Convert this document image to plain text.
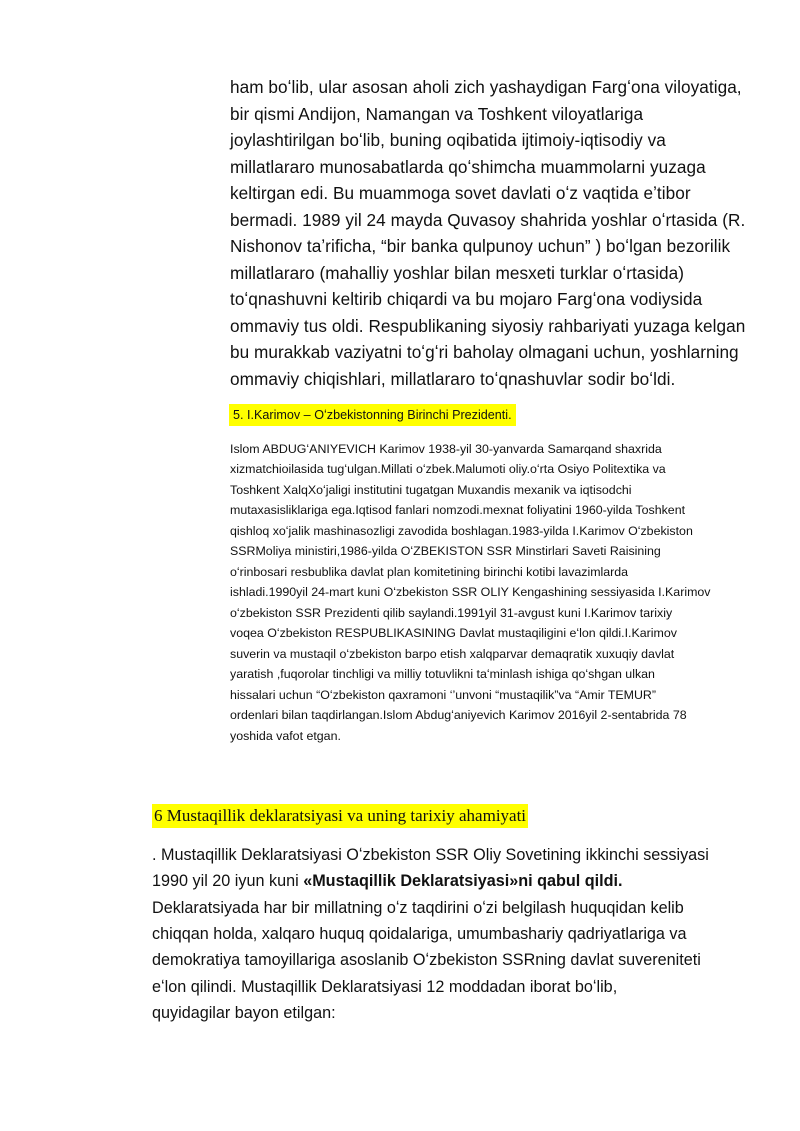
ham boʻlib, ular asosan aholi zich yashaydigan Fargʻona viloyatiga,

bir qismi Andijon, Namangan va Toshkent viloyatlariga

joylashtirilgan boʻlib, buning oqibatida ijtimoiy-iqtisodiy va

millatlararo munosabatlarda qoʻshimcha muammolarni yuzaga

keltirgan edi. Bu muammoga sovet davlati oʻz vaqtida eʼtibor

bermadi. 1989 yil 24 mayda Quvasoy shahrida yoshlar oʻrtasida (R.

Nishonov taʼrificha, “bir banka qulpunoy uchun” ) boʻlgan bezorilik

millatlararo (mahalliy yoshlar bilan mesxeti turklar oʻrtasida)

toʻqnashuvni keltirib chiqardi va bu mojaro Fargʻona vodiysida

ommaviy tus oldi. Respublikaning siyosiy rahbariyati yuzaga kelgan

bu murakkab vaziyatni toʻgʻri baholay olmagani uchun, yoshlarning

ommaviy chiqishlari, millatlararo toʻqnashuvlar sodir boʻldi.

5. I.Karimov – Oʻzbekistonning Birinchi Prezidenti.

Islom ABDUGʻANIYEVICH Karimov 1938-yil 30-yanvarda Samarqand shaxrida

xizmatchioilasida tugʻulgan.Millati oʻzbek.Malumoti oliy.oʻrta Osiyo Politextika va

Toshkent XalqXoʻjaligi institutini tugatgan Muxandis mexanik va iqtisodchi

mutaxasisliklariga ega.Iqtisod fanlari nomzodi.mexnat foliyatini 1960-yilda Toshkent

qishloq xoʻjalik mashinasozligi zavodida boshlagan.1983-yilda I.Karimov Oʻzbekiston

SSRMoliya ministiri,1986-yilda OʻZBEKISTON SSR Minstirlari Saveti Raisining

oʻrinbosari resbublika davlat plan komitetining birinchi kotibi lavazimlarda

ishladi.1990yil 24-mart kuni Oʻzbekiston SSR OLIY Kengashining sessiyasida I.Karimov

oʻzbekiston SSR Prezidenti qilib saylandi.1991yil 31-avgust kuni I.Karimov tarixiy

voqea Oʻzbekiston RESPUBLIKASINING Davlat mustaqiligini eʻlon qildi.I.Karimov

suverin va mustaqil oʻzbekiston barpo etish xalqparvar demaqratik xuxuqiy davlat

yaratish ,fuqorolar tinchligi va milliy totuvlikni taʻminlash ishiga qoʻshgan ulkan

hissalari uchun “Oʻzbekiston qaxramoni ‘’unvoni “mustaqilik”va “Amir TEMUR”

ordenlari bilan taqdirlangan.Islom Abdugʻaniyevich Karimov 2016yil 2-sentabrida 78

yoshida vafot etgan.

6 Mustaqillik deklaratsiyasi va uning tarixiy ahamiyati

. Mustaqillik Deklaratsiyasi Oʻzbekiston SSR Oliy Sovetining ikkinchi sessiyasi

1990 yil 20 iyun kuni «Mustaqillik Deklaratsiyasi»ni qabul qildi.

Deklaratsiyada har bir millatning oʻz taqdirini oʻzi belgilash huquqidan kelib

chiqqan holda, xalqaro huquq qoidalariga, umumbashariy qadriyatlariga va

demokratiya tamoyillariga asoslanib Oʻzbekiston SSRning davlat suvereniteti

eʻlon qilindi. Mustaqillik Deklaratsiyasi 12 moddadan iborat boʻlib,

quyidagilar bayon etilgan:
